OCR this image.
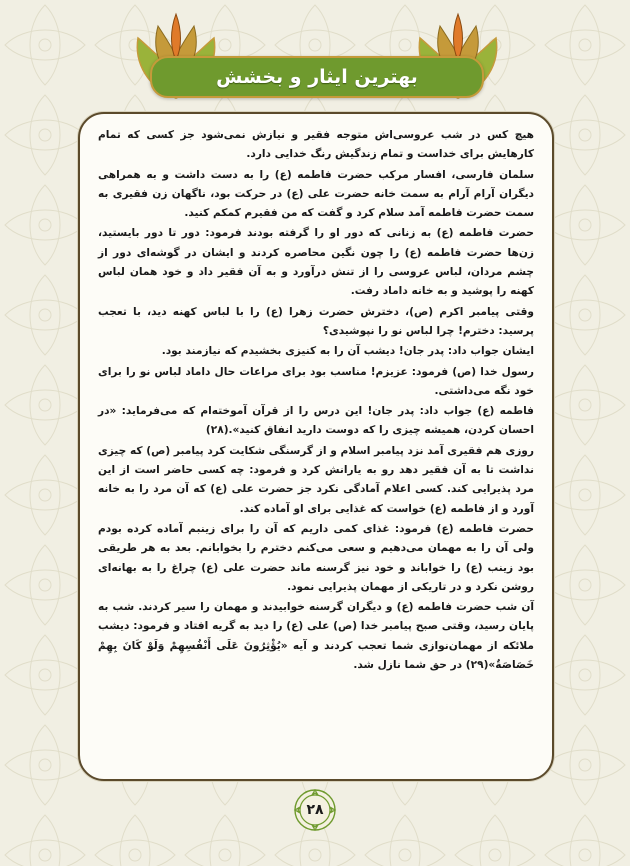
بهترین ایثار و بخشش

هیچ کس در شب عروسی‌اش متوجه فقیر و نیازش نمی‌شود جز کسی که تمام کارهایش برای خداست و تمام زندگیش رنگ خدایی دارد.

سلمان فارسی، افسار مرکب حضرت فاطمه (ع) را به دست داشت و به همراهی دیگران آرام آرام به سمت خانه حضرت علی (ع) در حرکت بود، ناگهان زن فقیری به سمت حضرت فاطمه آمد سلام کرد و گفت که من فقیرم کمکم کنید.

حضرت فاطمه (ع) به زنانی که دور او را گرفته بودند فرمود: دور تا دور بایستید، زن‌ها حضرت فاطمه (ع) را چون نگین محاصره کردند و ایشان در گوشه‌ای دور از چشم مردان، لباس عروسی را از تنش درآورد و به آن فقیر داد و خود همان لباس کهنه را پوشید و به خانه داماد رفت.

وقتی پیامبر اکرم (ص)، دخترش حضرت زهرا (ع) را با لباس کهنه دید، با تعجب پرسید: دخترم! چرا لباس نو را نپوشیدی؟

ایشان جواب داد: پدر جان! دیشب آن را به کنیزی بخشیدم که نیازمند بود.

رسول خدا (ص) فرمود: عزیزم! مناسب بود برای مراعات حال داماد لباس نو را برای خود نگه می‌داشتی.

فاطمه (ع) جواب داد: پدر جان! این درس را از قرآن آموخته‌ام که می‌فرماید: «در احسان کردن، همیشه چیزی را که دوست دارید انفاق کنید».(۲۸)

روزی هم فقیری آمد نزد پیامبر اسلام و از گرسنگی شکایت کرد پیامبر (ص) که چیزی نداشت تا به آن فقیر دهد رو به یارانش کرد و فرمود: چه کسی حاضر است از این مرد پذیرایی کند. کسی اعلام آمادگی نکرد جز حضرت علی (ع) که آن مرد را به خانه آورد و از فاطمه (ع) خواست که غذایی برای او آماده کند.

حضرت فاطمه (ع) فرمود: غذای کمی داریم که آن را برای زینبم آماده کرده بودم ولی آن را به مهمان می‌دهیم و سعی می‌کنم دخترم را بخوابانم. بعد به هر طریقی بود زینب (ع) را خواباند و خود نیز گرسنه ماند حضرت علی (ع) چراغ را به بهانه‌ای روشن نکرد و در تاریکی از مهمان پذیرایی نمود.

آن شب حضرت فاطمه (ع) و دیگران گرسنه خوابیدند و مهمان را سیر کردند. شب به پایان رسید، وقتی صبح پیامبر خدا (ص) علی (ع) را دید به گریه افتاد و فرمود: دیشب ملائکه از مهمان‌نوازی شما تعجب کردند و آیه «یُؤْثِرُونَ عَلَی أَنْفُسِهِمْ وَلَوْ کَانَ بِهِمْ خَصَاصَةٌ»(۲۹) در حق شما نازل شد.

۲۸
